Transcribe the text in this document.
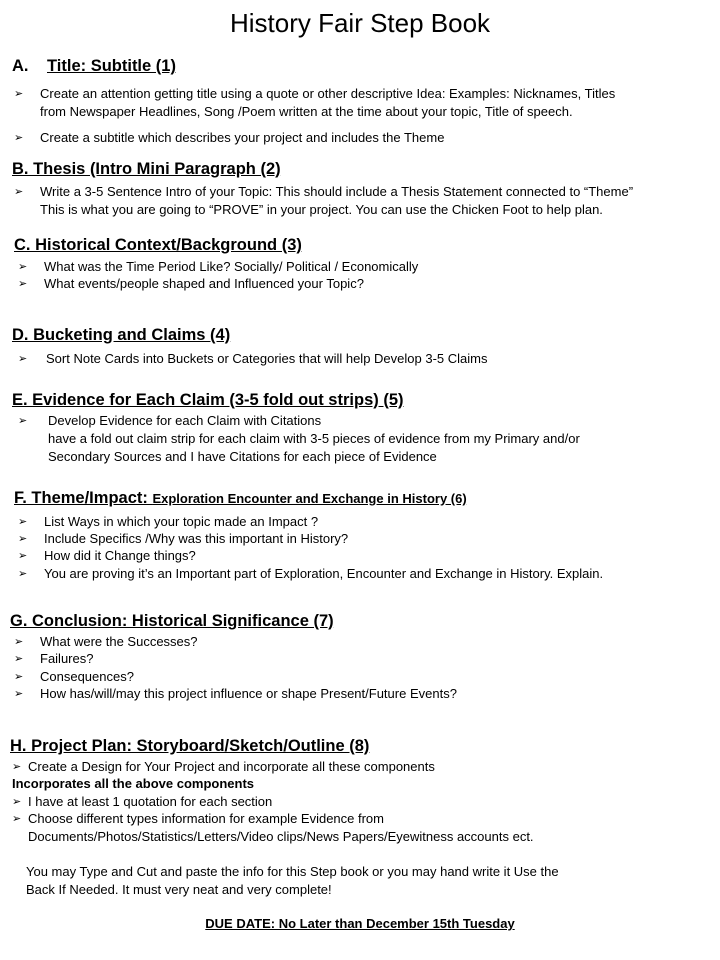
History Fair Step Book
A. Title: Subtitle (1)
➢ Create an attention getting title using a quote or other descriptive Idea: Examples: Nicknames, Titles
from Newspaper Headlines, Song /Poem written at the time about your topic, Title of speech.
➢ Create a subtitle which describes your project and includes the Theme
B. Thesis (Intro Mini Paragraph (2)
➢ Write a 3-5 Sentence Intro of your Topic: This should include a Thesis Statement connected to “Theme”
This is what you are going to “PROVE” in your project. You can use the Chicken Foot to help plan.
C. Historical Context/Background (3)
➢ What was the Time Period Like? Socially/ Political / Economically
➢ What events/people shaped and Influenced your Topic?
D. Bucketing and Claims (4)
➢ Sort Note Cards into Buckets or Categories that will help Develop 3-5 Claims
E. Evidence for Each Claim (3-5 fold out strips) (5)
➢ Develop Evidence for each Claim with Citations
have a fold out claim strip for each claim with 3-5 pieces of evidence from my Primary and/or
Secondary Sources and I have Citations for each piece of Evidence
F. Theme/Impact: Exploration Encounter and Exchange in History (6)
➢ List Ways in which your topic made an Impact ?
➢ Include Specifics /Why was this important in History?
➢ How did it Change things?
➢ You are proving it’s an Important part of Exploration, Encounter and Exchange in History. Explain.
G. Conclusion: Historical Significance (7)
➢ What were the Successes?
➢ Failures?
➢ Consequences?
➢ How has/will/may this project influence or shape Present/Future Events?
H. Project Plan: Storyboard/Sketch/Outline (8)
➢ Create a Design for Your Project and incorporate all these components
Incorporates all the above components
➢ I have at least 1 quotation for each section
➢ Choose different types information for example Evidence from
Documents/Photos/Statistics/Letters/Video clips/News Papers/Eyewitness accounts ect.
You may Type and Cut and paste the info for this Step book or you may hand write it Use the
Back If Needed. It must very neat and very complete!
DUE DATE: No Later than December 15th Tuesday
